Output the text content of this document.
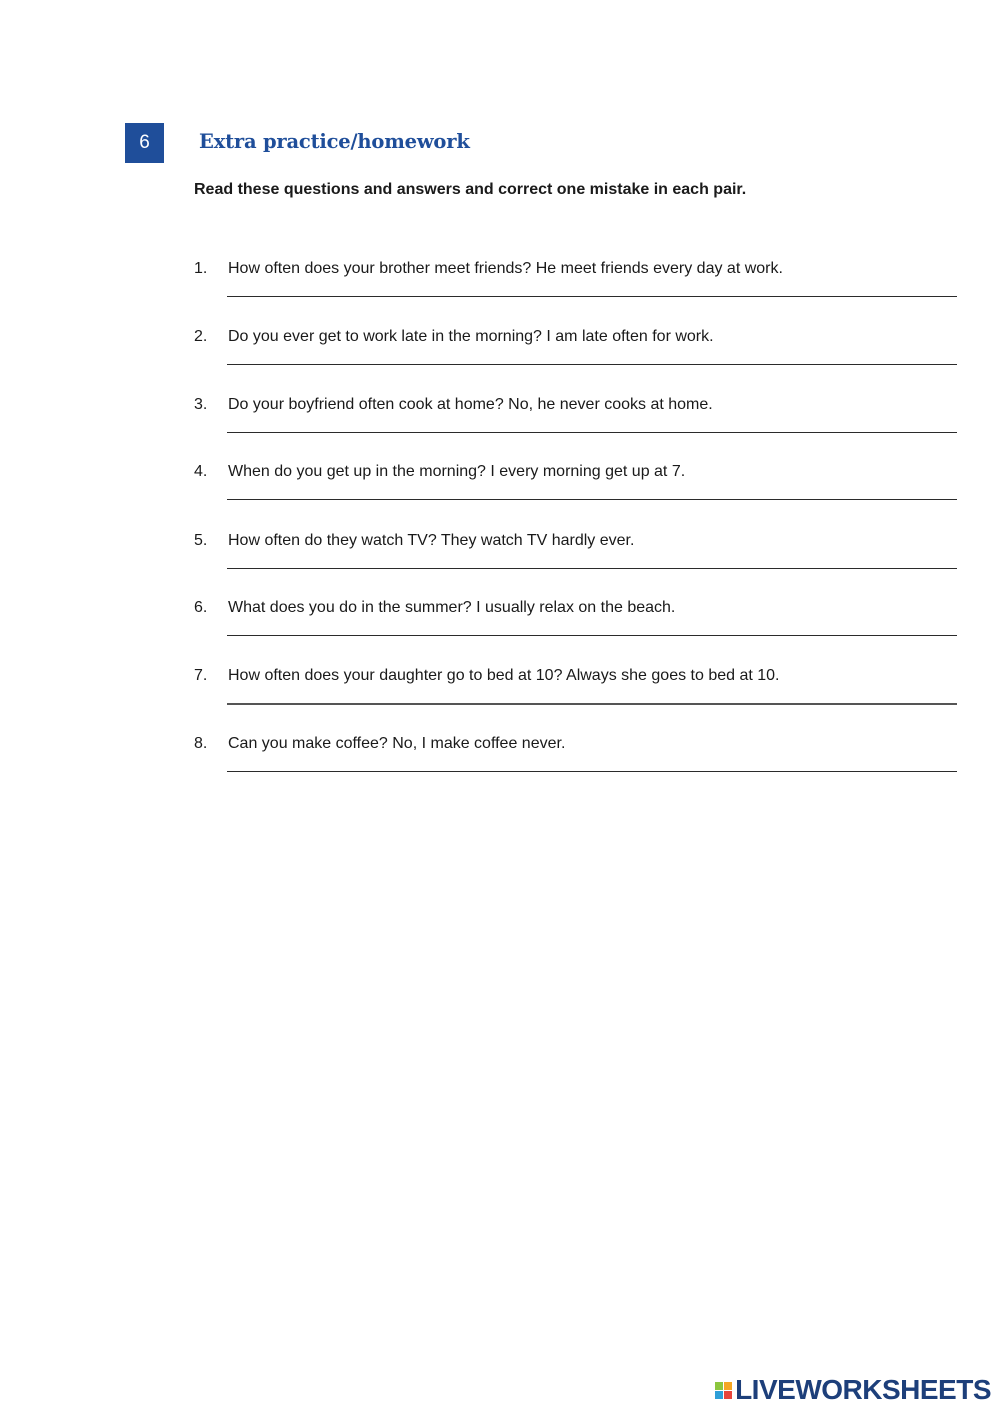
6	Extra practice/homework
Read these questions and answers and correct one mistake in each pair.
1. How often does your brother meet friends? He meet friends every day at work.
2. Do you ever get to work late in the morning? I am late often for work.
3. Do your boyfriend often cook at home? No, he never cooks at home.
4. When do you get up in the morning? I every morning get up at 7.
5. How often do they watch TV? They watch TV hardly ever.
6. What does you do in the summer? I usually relax on the beach.
7. How often does your daughter go to bed at 10? Always she goes to bed at 10.
8. Can you make coffee? No, I make coffee never.
LIVEWORKSHEETS
